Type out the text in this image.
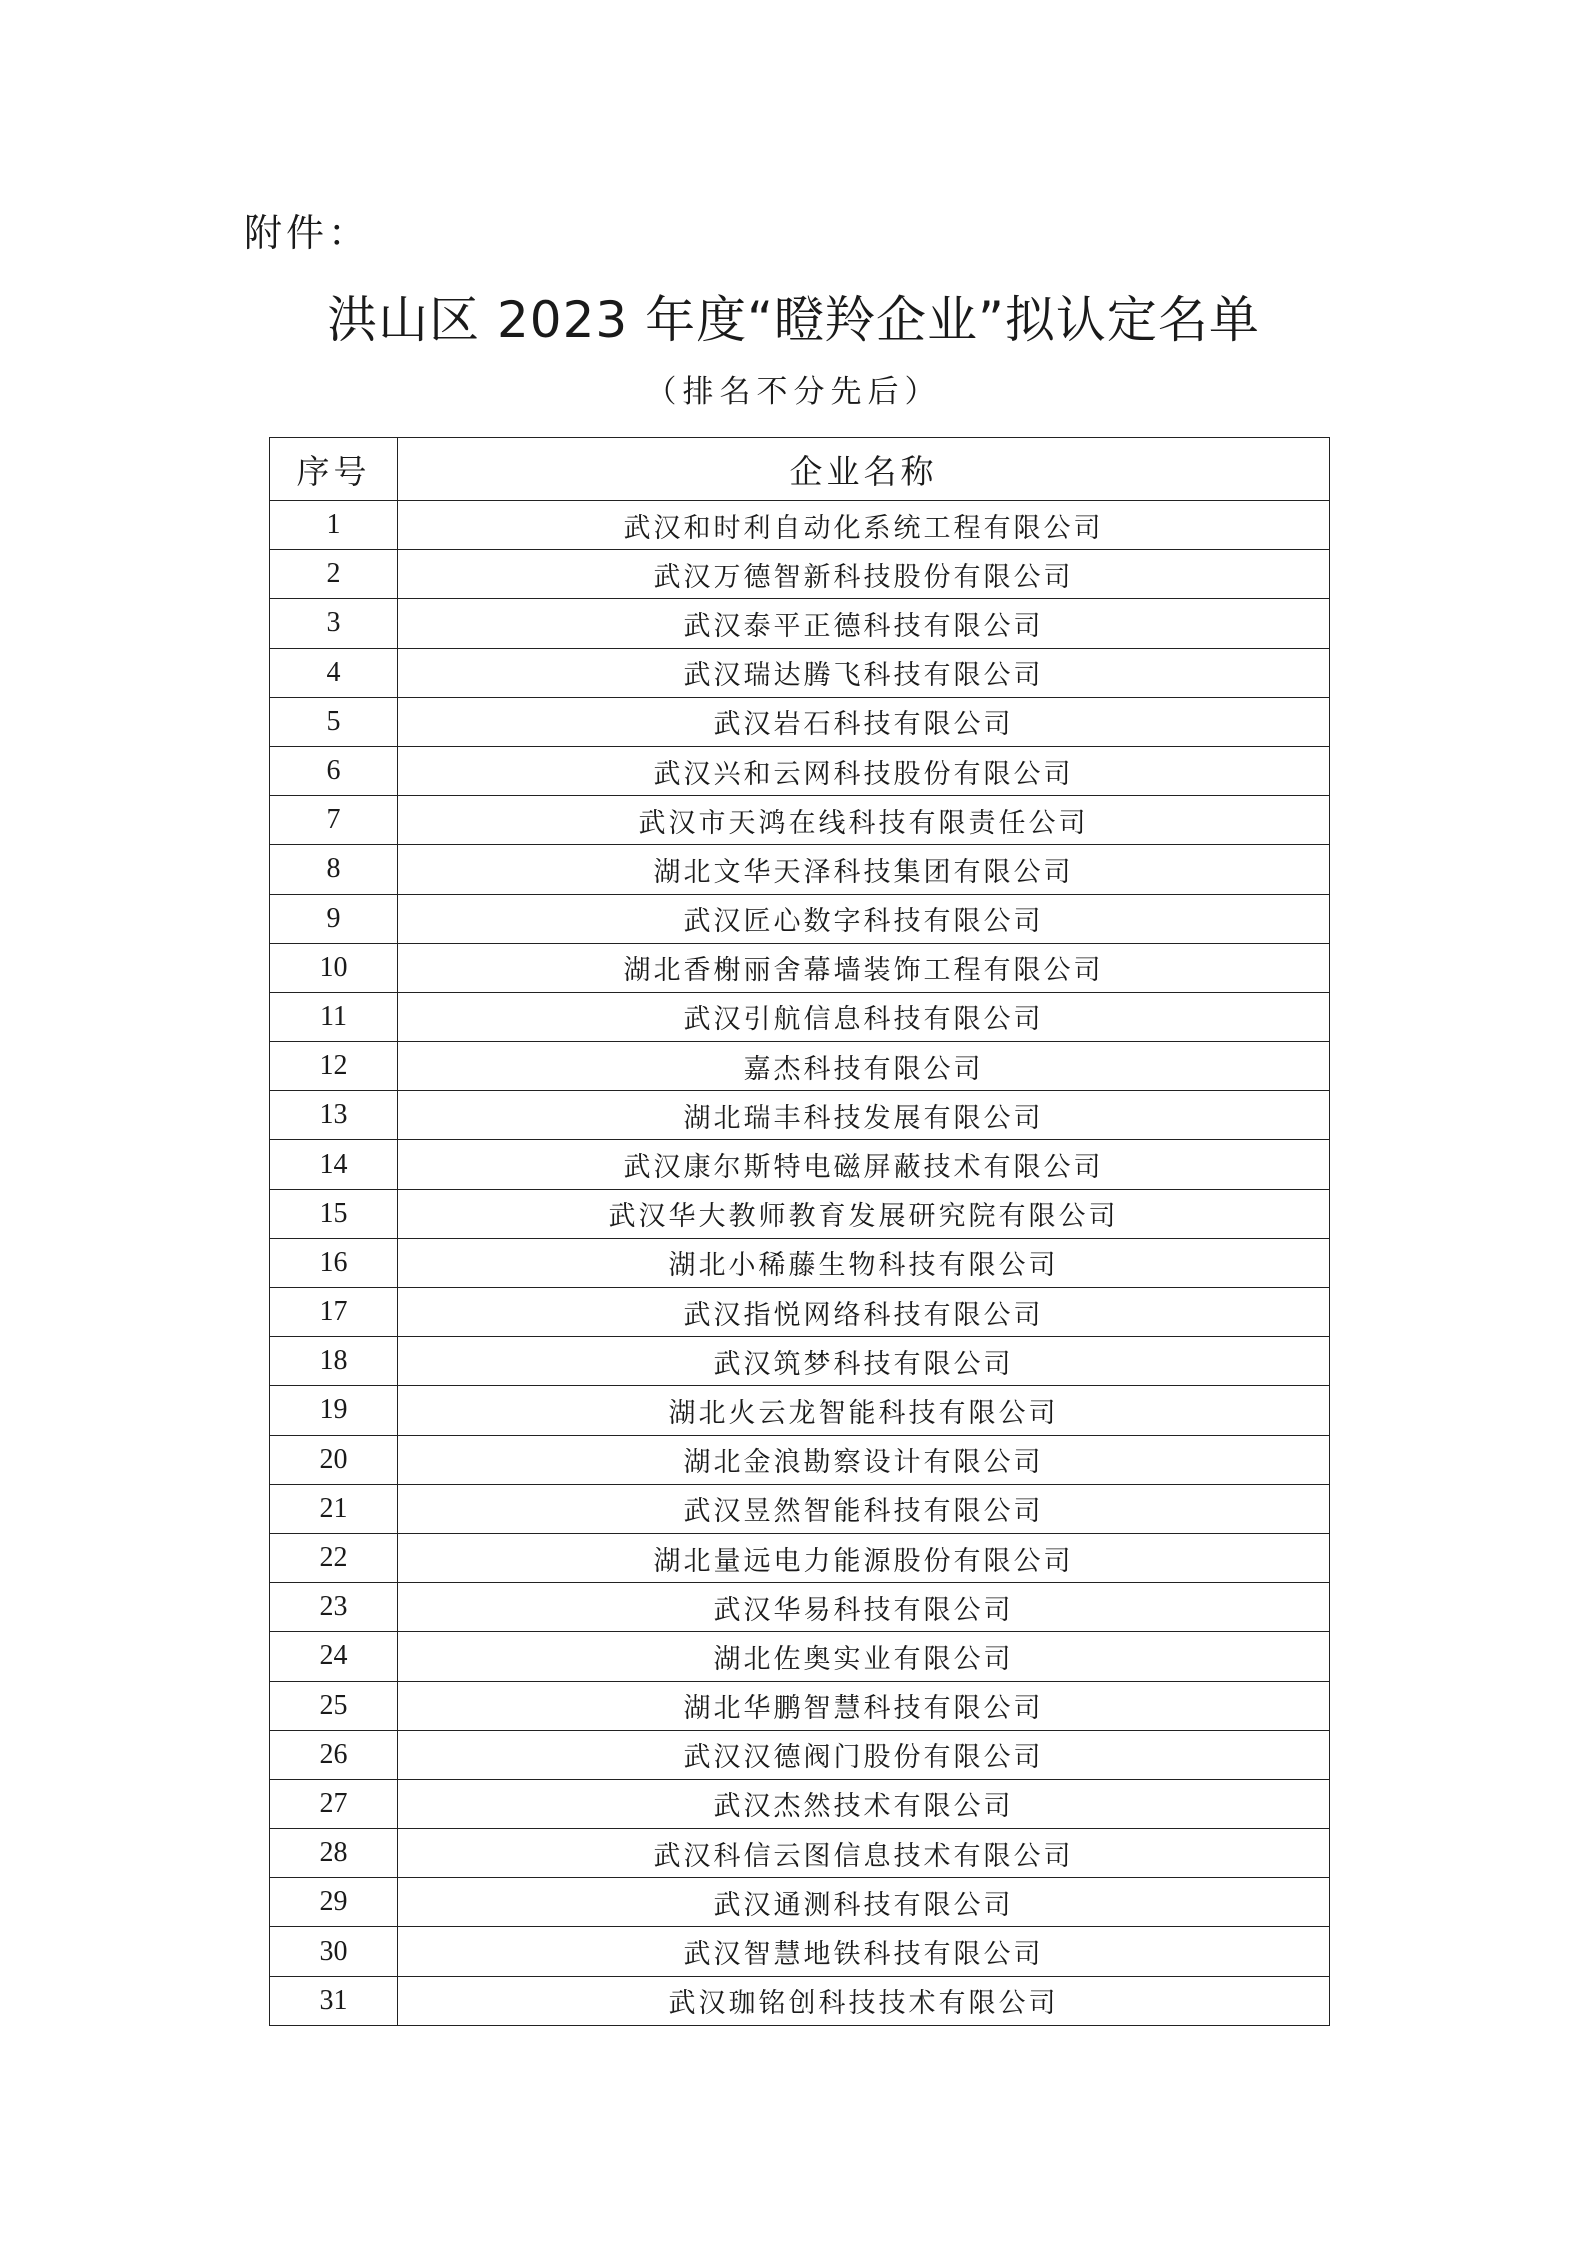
附件：
洪山区 2023 年度“瞪羚企业”拟认定名单
（排名不分先后）
序号	企业名称
1	武汉和时利自动化系统工程有限公司
2	武汉万德智新科技股份有限公司
3	武汉泰平正德科技有限公司
4	武汉瑞达腾飞科技有限公司
5	武汉岩石科技有限公司
6	武汉兴和云网科技股份有限公司
7	武汉市天鸿在线科技有限责任公司
8	湖北文华天泽科技集团有限公司
9	武汉匠心数字科技有限公司
10	湖北香榭丽舍幕墙装饰工程有限公司
11	武汉引航信息科技有限公司
12	嘉杰科技有限公司
13	湖北瑞丰科技发展有限公司
14	武汉康尔斯特电磁屏蔽技术有限公司
15	武汉华大教师教育发展研究院有限公司
16	湖北小稀藤生物科技有限公司
17	武汉指悦网络科技有限公司
18	武汉筑梦科技有限公司
19	湖北火云龙智能科技有限公司
20	湖北金浪勘察设计有限公司
21	武汉昱然智能科技有限公司
22	湖北量远电力能源股份有限公司
23	武汉华易科技有限公司
24	湖北佐奥实业有限公司
25	湖北华鹏智慧科技有限公司
26	武汉汉德阀门股份有限公司
27	武汉杰然技术有限公司
28	武汉科信云图信息技术有限公司
29	武汉通测科技有限公司
30	武汉智慧地铁科技有限公司
31	武汉珈铭创科技技术有限公司
